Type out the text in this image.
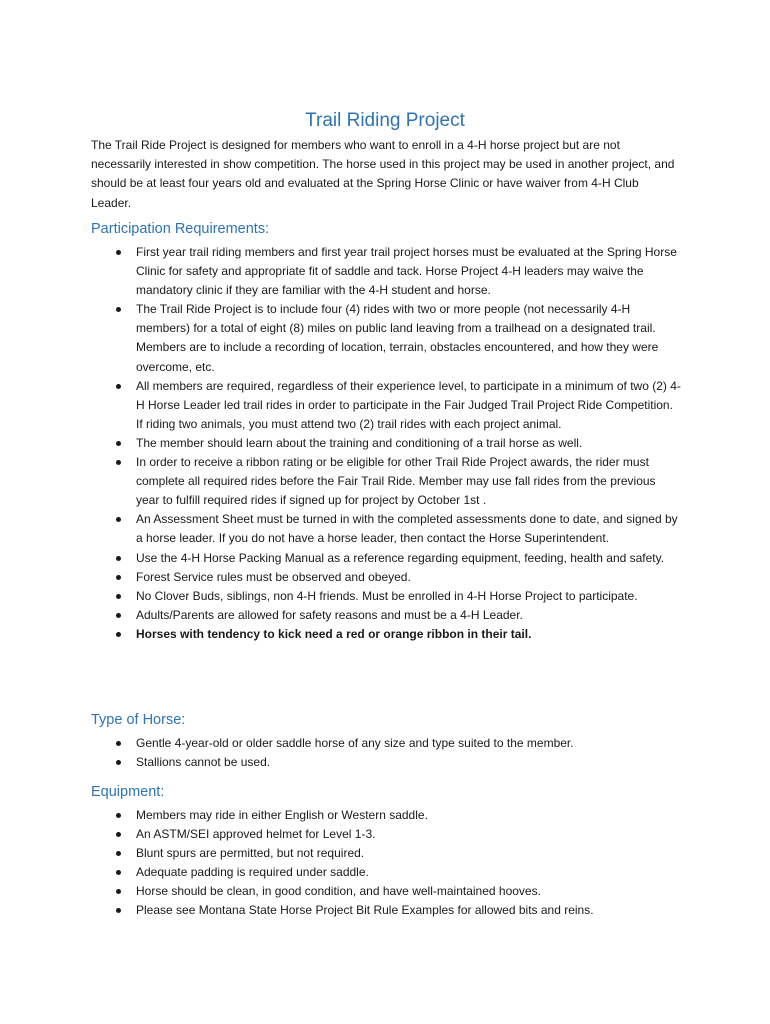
Trail Riding Project

The Trail Ride Project is designed for members who want to enroll in a 4-H horse project but are not necessarily interested in show competition. The horse used in this project may be used in another project, and should be at least four years old and evaluated at the Spring Horse Clinic or have waiver from 4-H Club Leader.

Participation Requirements:
First year trail riding members and first year trail project horses must be evaluated at the Spring Horse Clinic for safety and appropriate fit of saddle and tack. Horse Project 4-H leaders may waive the mandatory clinic if they are familiar with the 4-H student and horse.
The Trail Ride Project is to include four (4) rides with two or more people (not necessarily 4-H members) for a total of eight (8) miles on public land leaving from a trailhead on a designated trail. Members are to include a recording of location, terrain, obstacles encountered, and how they were overcome, etc.
All members are required, regardless of their experience level, to participate in a minimum of two (2) 4-H Horse Leader led trail rides in order to participate in the Fair Judged Trail Project Ride Competition. If riding two animals, you must attend two (2) trail rides with each project animal.
The member should learn about the training and conditioning of a trail horse as well.
In order to receive a ribbon rating or be eligible for other Trail Ride Project awards, the rider must complete all required rides before the Fair Trail Ride. Member may use fall rides from the previous year to fulfill required rides if signed up for project by October 1st .
An Assessment Sheet must be turned in with the completed assessments done to date, and signed by a horse leader. If you do not have a horse leader, then contact the Horse Superintendent.
Use the 4-H Horse Packing Manual as a reference regarding equipment, feeding, health and safety.
Forest Service rules must be observed and obeyed.
No Clover Buds, siblings, non 4-H friends. Must be enrolled in 4-H Horse Project to participate.
Adults/Parents are allowed for safety reasons and must be a 4-H Leader.
Horses with tendency to kick need a red or orange ribbon in their tail.
Type of Horse:
Gentle 4-year-old or older saddle horse of any size and type suited to the member.
Stallions cannot be used.
Equipment:
Members may ride in either English or Western saddle.
An ASTM/SEI approved helmet for Level 1-3.
Blunt spurs are permitted, but not required.
Adequate padding is required under saddle.
Horse should be clean, in good condition, and have well-maintained hooves.
Please see Montana State Horse Project Bit Rule Examples for allowed bits and reins.
